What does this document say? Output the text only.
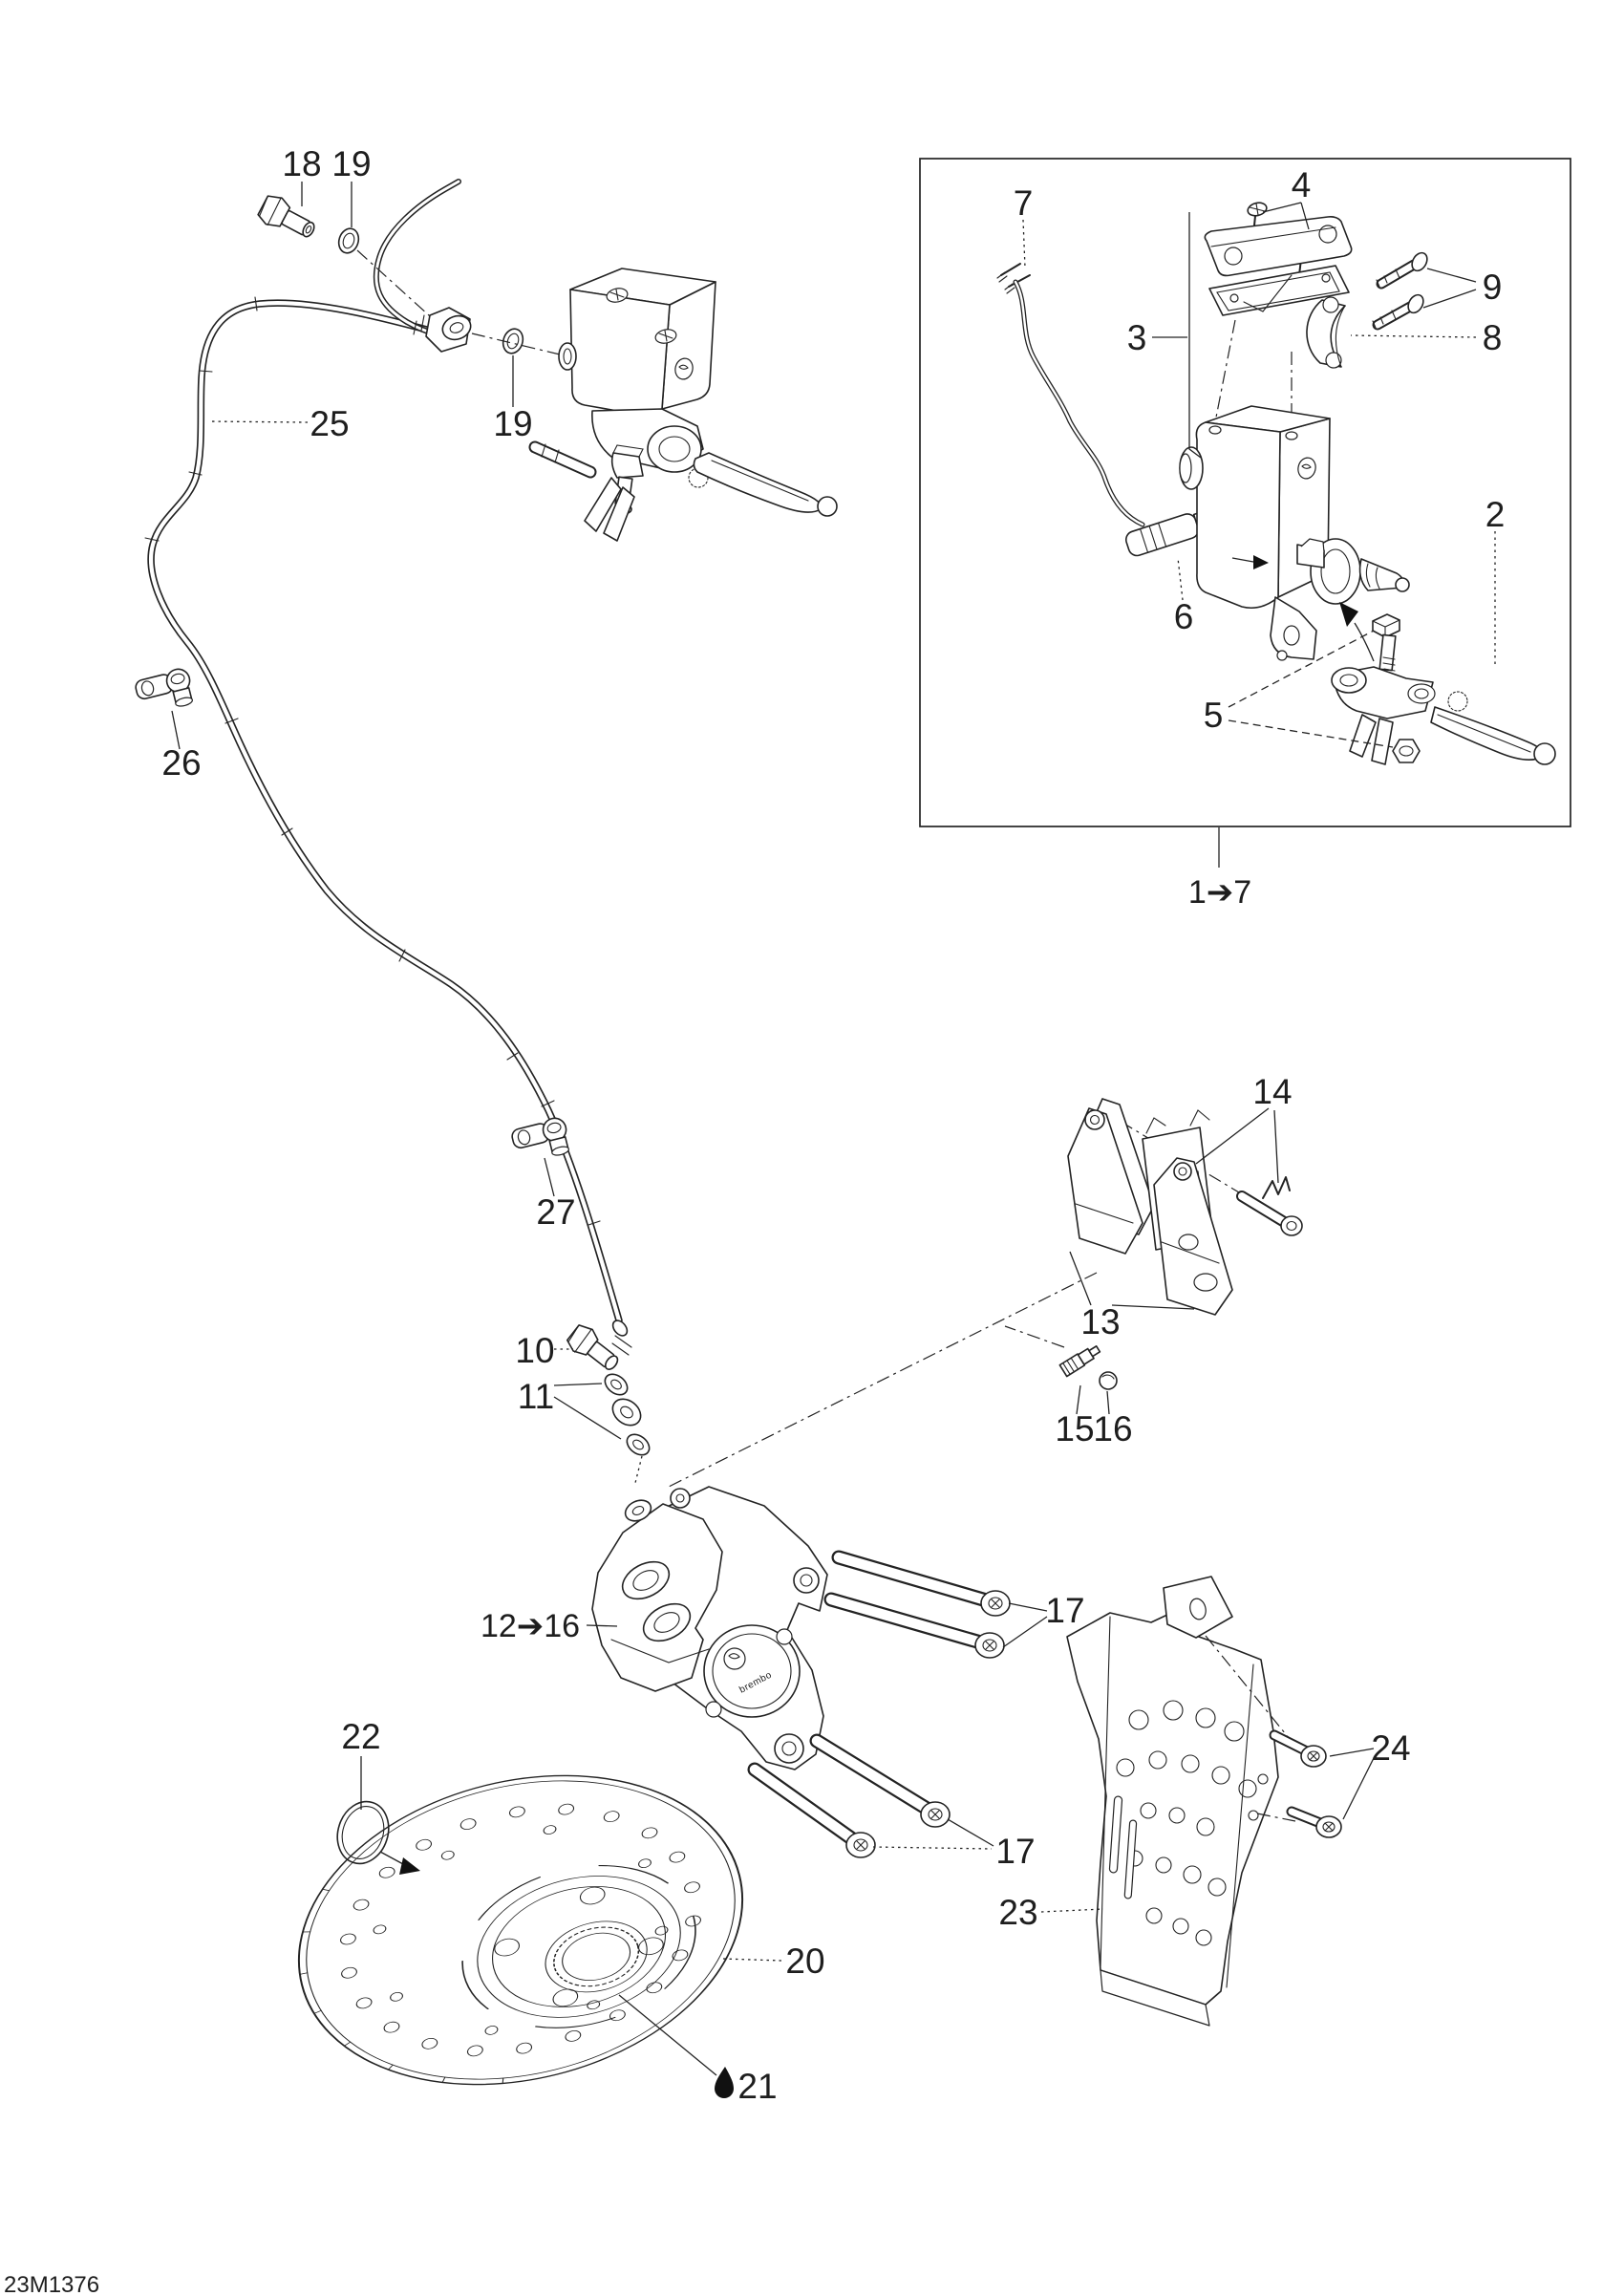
brembo
18 19
25	19
26
27
7	4
3
9
8
6
2
5
1➔7
14
13
15
16
10
11
12➔16	17
17
23
24
22
20
21
23M1376
